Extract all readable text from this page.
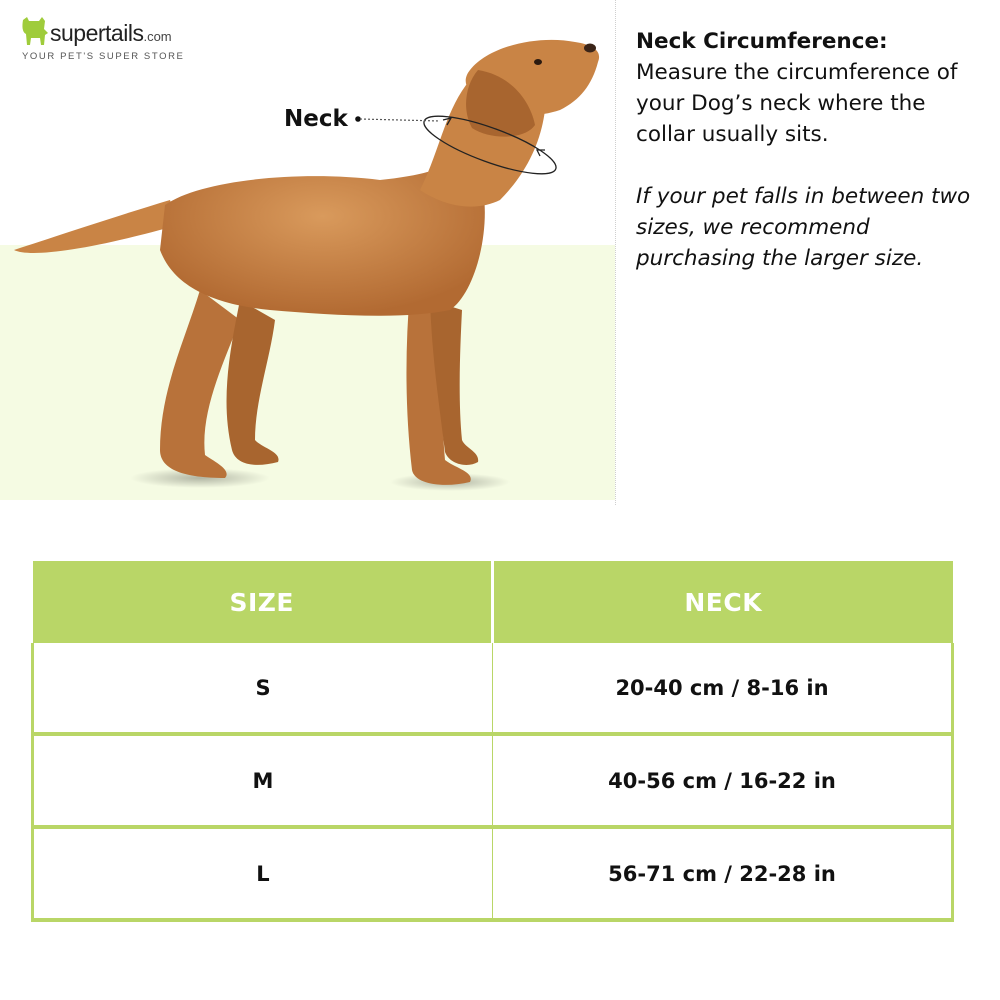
supertails.com
YOUR PET'S SUPER STORE
Neck
Neck Circumference:
Measure the circumference of your Dog’s neck where the collar usually sits.
If your pet falls in between two sizes, we recommend purchasing the larger size.
SIZE	NECK
S	20-40 cm / 8-16 in
M	40-56 cm / 16-22 in
L	56-71 cm / 22-28 in
